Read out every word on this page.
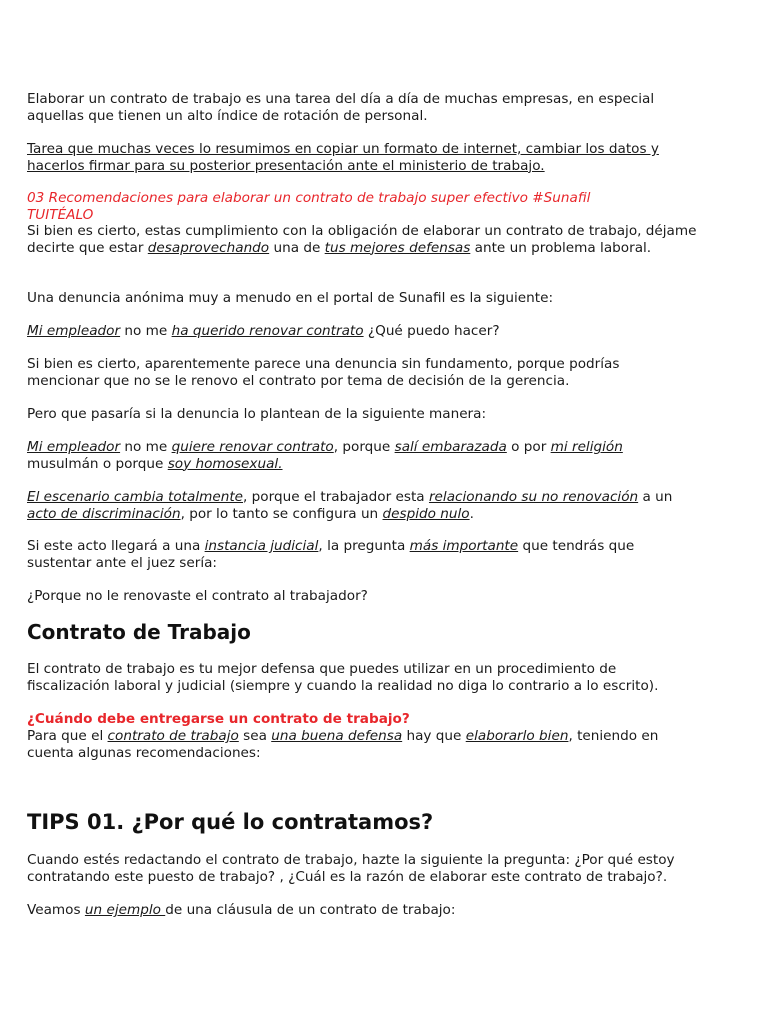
Elaborar un contrato de trabajo es una tarea del día a día de muchas empresas, en especial aquellas que tienen un alto índice de rotación de personal.

Tarea que muchas veces lo resumimos en copiar un formato de internet, cambiar los datos y hacerlos firmar para su posterior presentación ante el ministerio de trabajo.

03 Recomendaciones para elaborar un contrato de trabajo super efectivo #Sunafil TUITÉALO

Si bien es cierto, estas cumplimiento con la obligación de elaborar un contrato de trabajo, déjame decirte que estar desaprovechando una de tus mejores defensas ante un problema laboral.

Una denuncia anónima muy a menudo en el portal de Sunafil es la siguiente:

Mi empleador no me ha querido renovar contrato ¿Qué puedo hacer?

Si bien es cierto, aparentemente parece una denuncia sin fundamento, porque podrías mencionar que no se le renovo el contrato por tema de decisión de la gerencia.

Pero que pasaría si la denuncia lo plantean de la siguiente manera:

Mi empleador no me quiere renovar contrato, porque salí embarazada o por mi religión musulmán o porque soy homosexual.

El escenario cambia totalmente, porque el trabajador esta relacionando su no renovación a un acto de discriminación, por lo tanto se configura un despido nulo.

Si este acto llegará a una instancia judicial, la pregunta más importante que tendrás que sustentar ante el juez sería:

¿Porque no le renovaste el contrato al trabajador?

Contrato de Trabajo

El contrato de trabajo es tu mejor defensa que puedes utilizar en un procedimiento de fiscalización laboral y judicial (siempre y cuando la realidad no diga lo contrario a lo escrito).

¿Cuándo debe entregarse un contrato de trabajo?

Para que el contrato de trabajo sea una buena defensa hay que elaborarlo bien, teniendo en cuenta algunas recomendaciones:

TIPS 01. ¿Por qué lo contratamos?

Cuando estés redactando el contrato de trabajo, hazte la siguiente la pregunta: ¿Por qué estoy contratando este puesto de trabajo? , ¿Cuál es la razón de elaborar este contrato de trabajo?.

Veamos un ejemplo de una cláusula de un contrato de trabajo:
